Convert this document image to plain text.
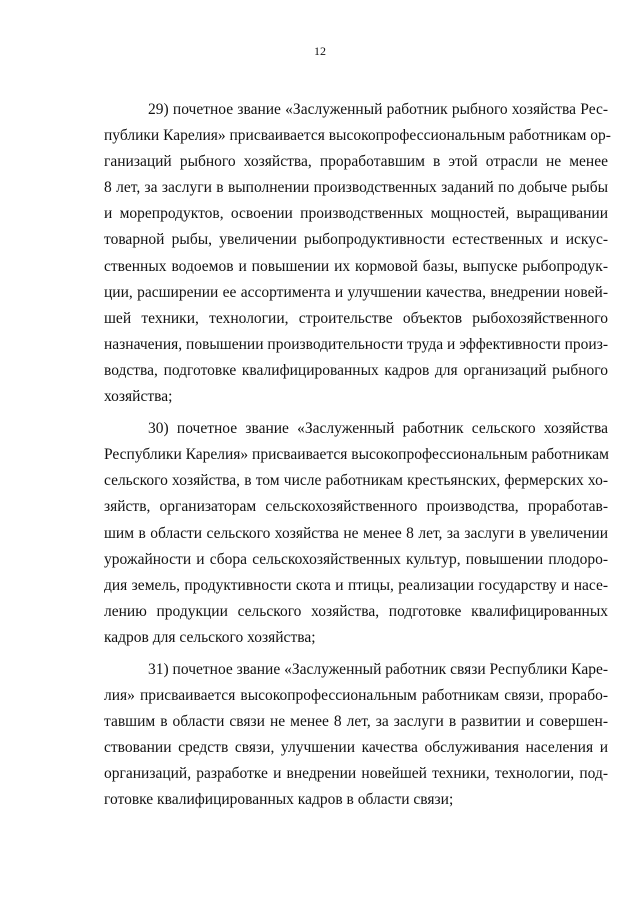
12
29) почетное звание «Заслуженный работник рыбного хозяйства Рес-
публики Карелия» присваивается высокопрофессиональным работникам ор-
ганизаций рыбного хозяйства, проработавшим в этой отрасли не менее
8 лет, за заслуги в выполнении производственных заданий по добыче рыбы
и морепродуктов, освоении производственных мощностей, выращивании
товарной рыбы, увеличении рыбопродуктивности естественных и искус-
ственных водоемов и повышении их кормовой базы, выпуске рыбопродук-
ции, расширении ее ассортимента и улучшении качества, внедрении новей-
шей техники, технологии, строительстве объектов рыбохозяйственного
назначения, повышении производительности труда и эффективности произ-
водства, подготовке квалифицированных кадров для организаций рыбного
хозяйства;
30) почетное звание «Заслуженный работник сельского хозяйства
Республики Карелия» присваивается высокопрофессиональным работникам
сельского хозяйства, в том числе работникам крестьянских, фермерских хо-
зяйств, организаторам сельскохозяйственного производства, проработав-
шим в области сельского хозяйства не менее 8 лет, за заслуги в увеличении
урожайности и сбора сельскохозяйственных культур, повышении плодоро-
дия земель, продуктивности скота и птицы, реализации государству и насе-
лению продукции сельского хозяйства, подготовке квалифицированных
кадров для сельского хозяйства;
31) почетное звание «Заслуженный работник связи Республики Каре-
лия» присваивается высокопрофессиональным работникам связи, прорабо-
тавшим в области связи не менее 8 лет, за заслуги в развитии и совершен-
ствовании средств связи, улучшении качества обслуживания населения и
организаций, разработке и внедрении новейшей техники, технологии, под-
готовке квалифицированных кадров в области связи;
